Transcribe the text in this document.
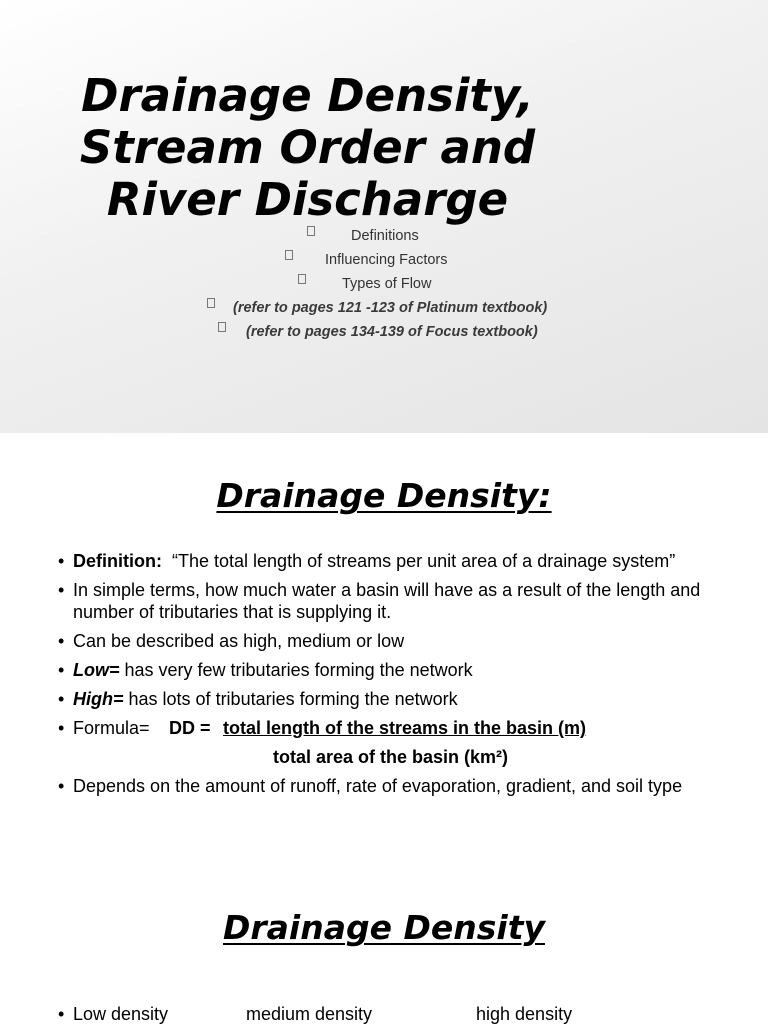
Drainage Density,
Stream Order and
River Discharge
Definitions
Influencing Factors
Types of Flow
(refer to pages 121 -123 of Platinum textbook)
(refer to pages 134-139 of Focus textbook)
Drainage Density:
• Definition: “The total length of streams per unit area of a drainage system”
• In simple terms, how much water a basin will have as a result of the length and number of tributaries that is supplying it.
• Can be described as high, medium or low
• Low= has very few tributaries forming the network
• High= has lots of tributaries forming the network
• Formula= DD = total length of the streams in the basin (m)
total area of the basin (km²)
• Depends on the amount of runoff, rate of evaporation, gradient, and soil type
Drainage Density
• Low density	medium density	high density
